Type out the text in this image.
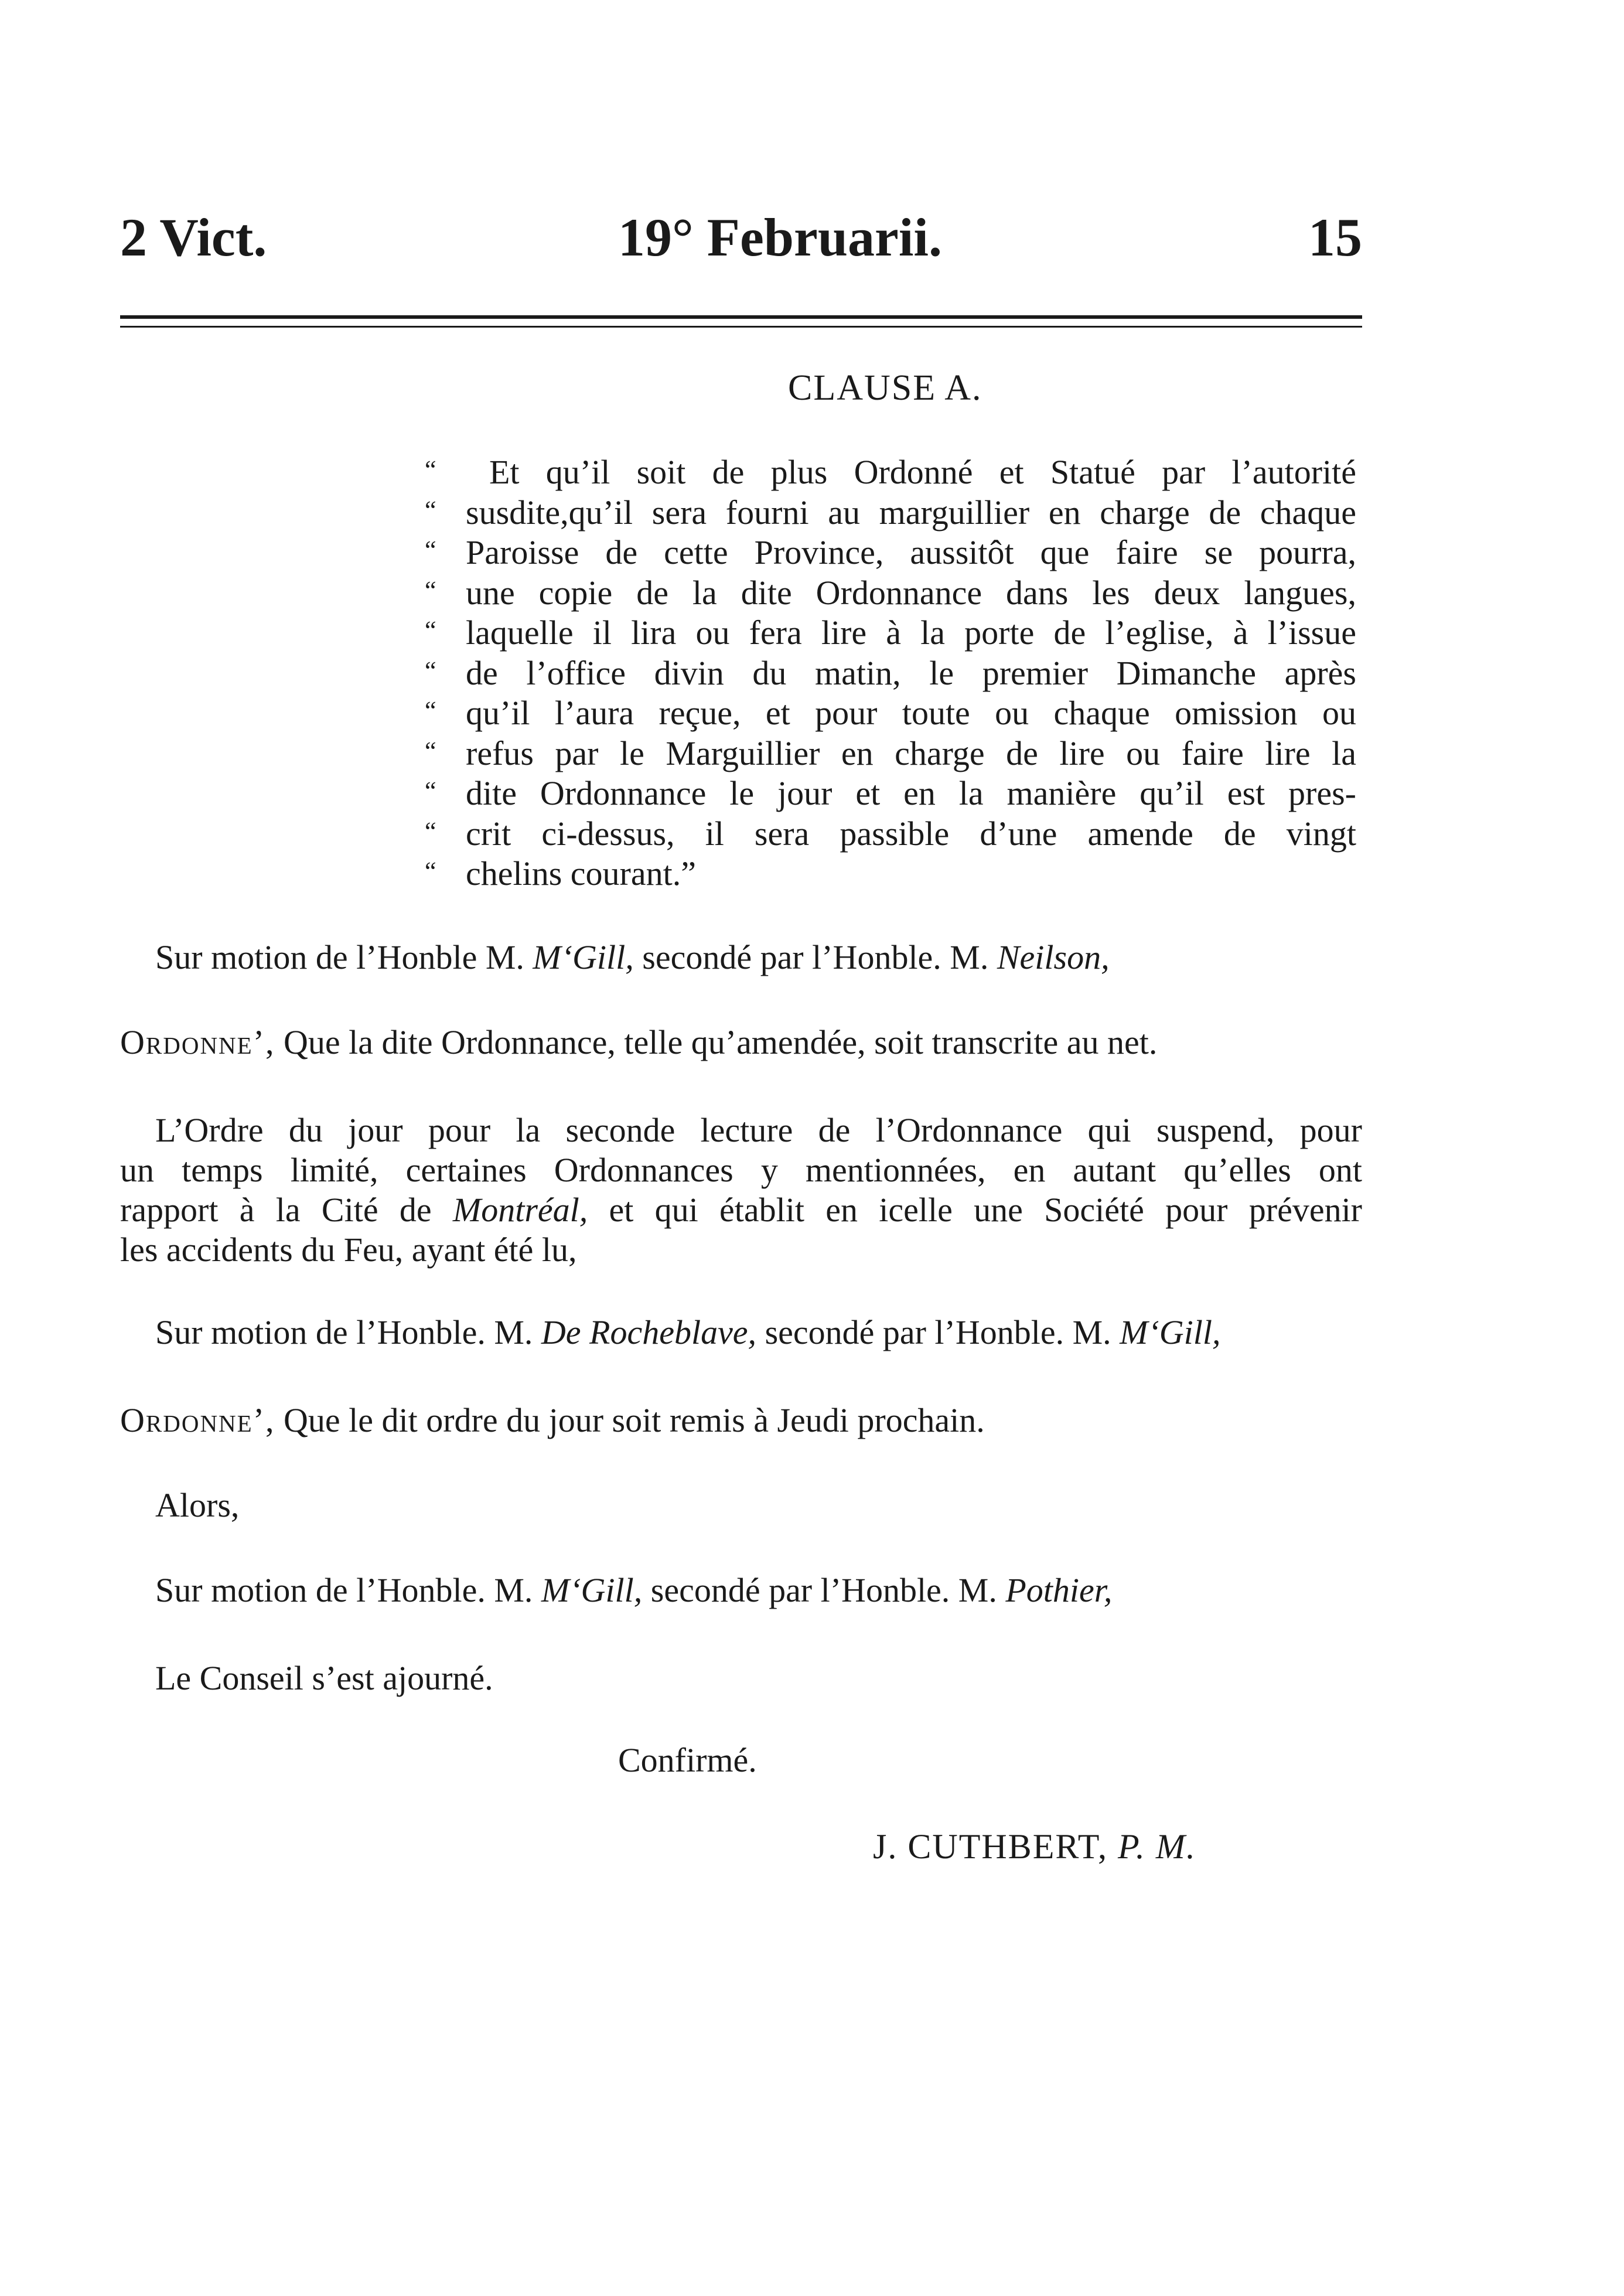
2 Vict.	19° Februarii.	15
CLAUSE A.
“	Et qu’il soit de plus Ordonné et Statué par l’autorité
“ susdite,qu’il sera fourni au marguillier en charge de chaque
“ Paroisse de cette Province, aussitôt que faire se pourra,
“ une copie de la dite Ordonnance dans les deux langues,
“ laquelle il lira ou fera lire à la porte de l’eglise, à l’issue
“ de l’office divin du matin, le premier Dimanche après
“ qu’il l’aura reçue, et pour toute ou chaque omission ou
“ refus par le Marguillier en charge de lire ou faire lire la
“ dite Ordonnance le jour et en la manière qu’il est pres-
“ crit ci-dessus, il sera passible d’une amende de vingt
“ chelins courant.”
Sur motion de l’Honble M. M‘Gill, secondé par l’Honble. M. Neilson,
Ordonne’, Que la dite Ordonnance, telle qu’amendée, soit transcrite au net.
L’Ordre du jour pour la seconde lecture de l’Ordonnance qui suspend, pour
un temps limité, certaines Ordonnances y mentionnées, en autant qu’elles ont
rapport à la Cité de Montréal, et qui établit en icelle une Société pour prévenir
les accidents du Feu, ayant été lu,
Sur motion de l’Honble. M. De Rocheblave, secondé par l’Honble. M. M‘Gill,
Ordonne’, Que le dit ordre du jour soit remis à Jeudi prochain.
Alors,
Sur motion de l’Honble. M. M‘Gill, secondé par l’Honble. M. Pothier,
Le Conseil s’est ajourné.
Confirmé.
J. CUTHBERT, P. M.
